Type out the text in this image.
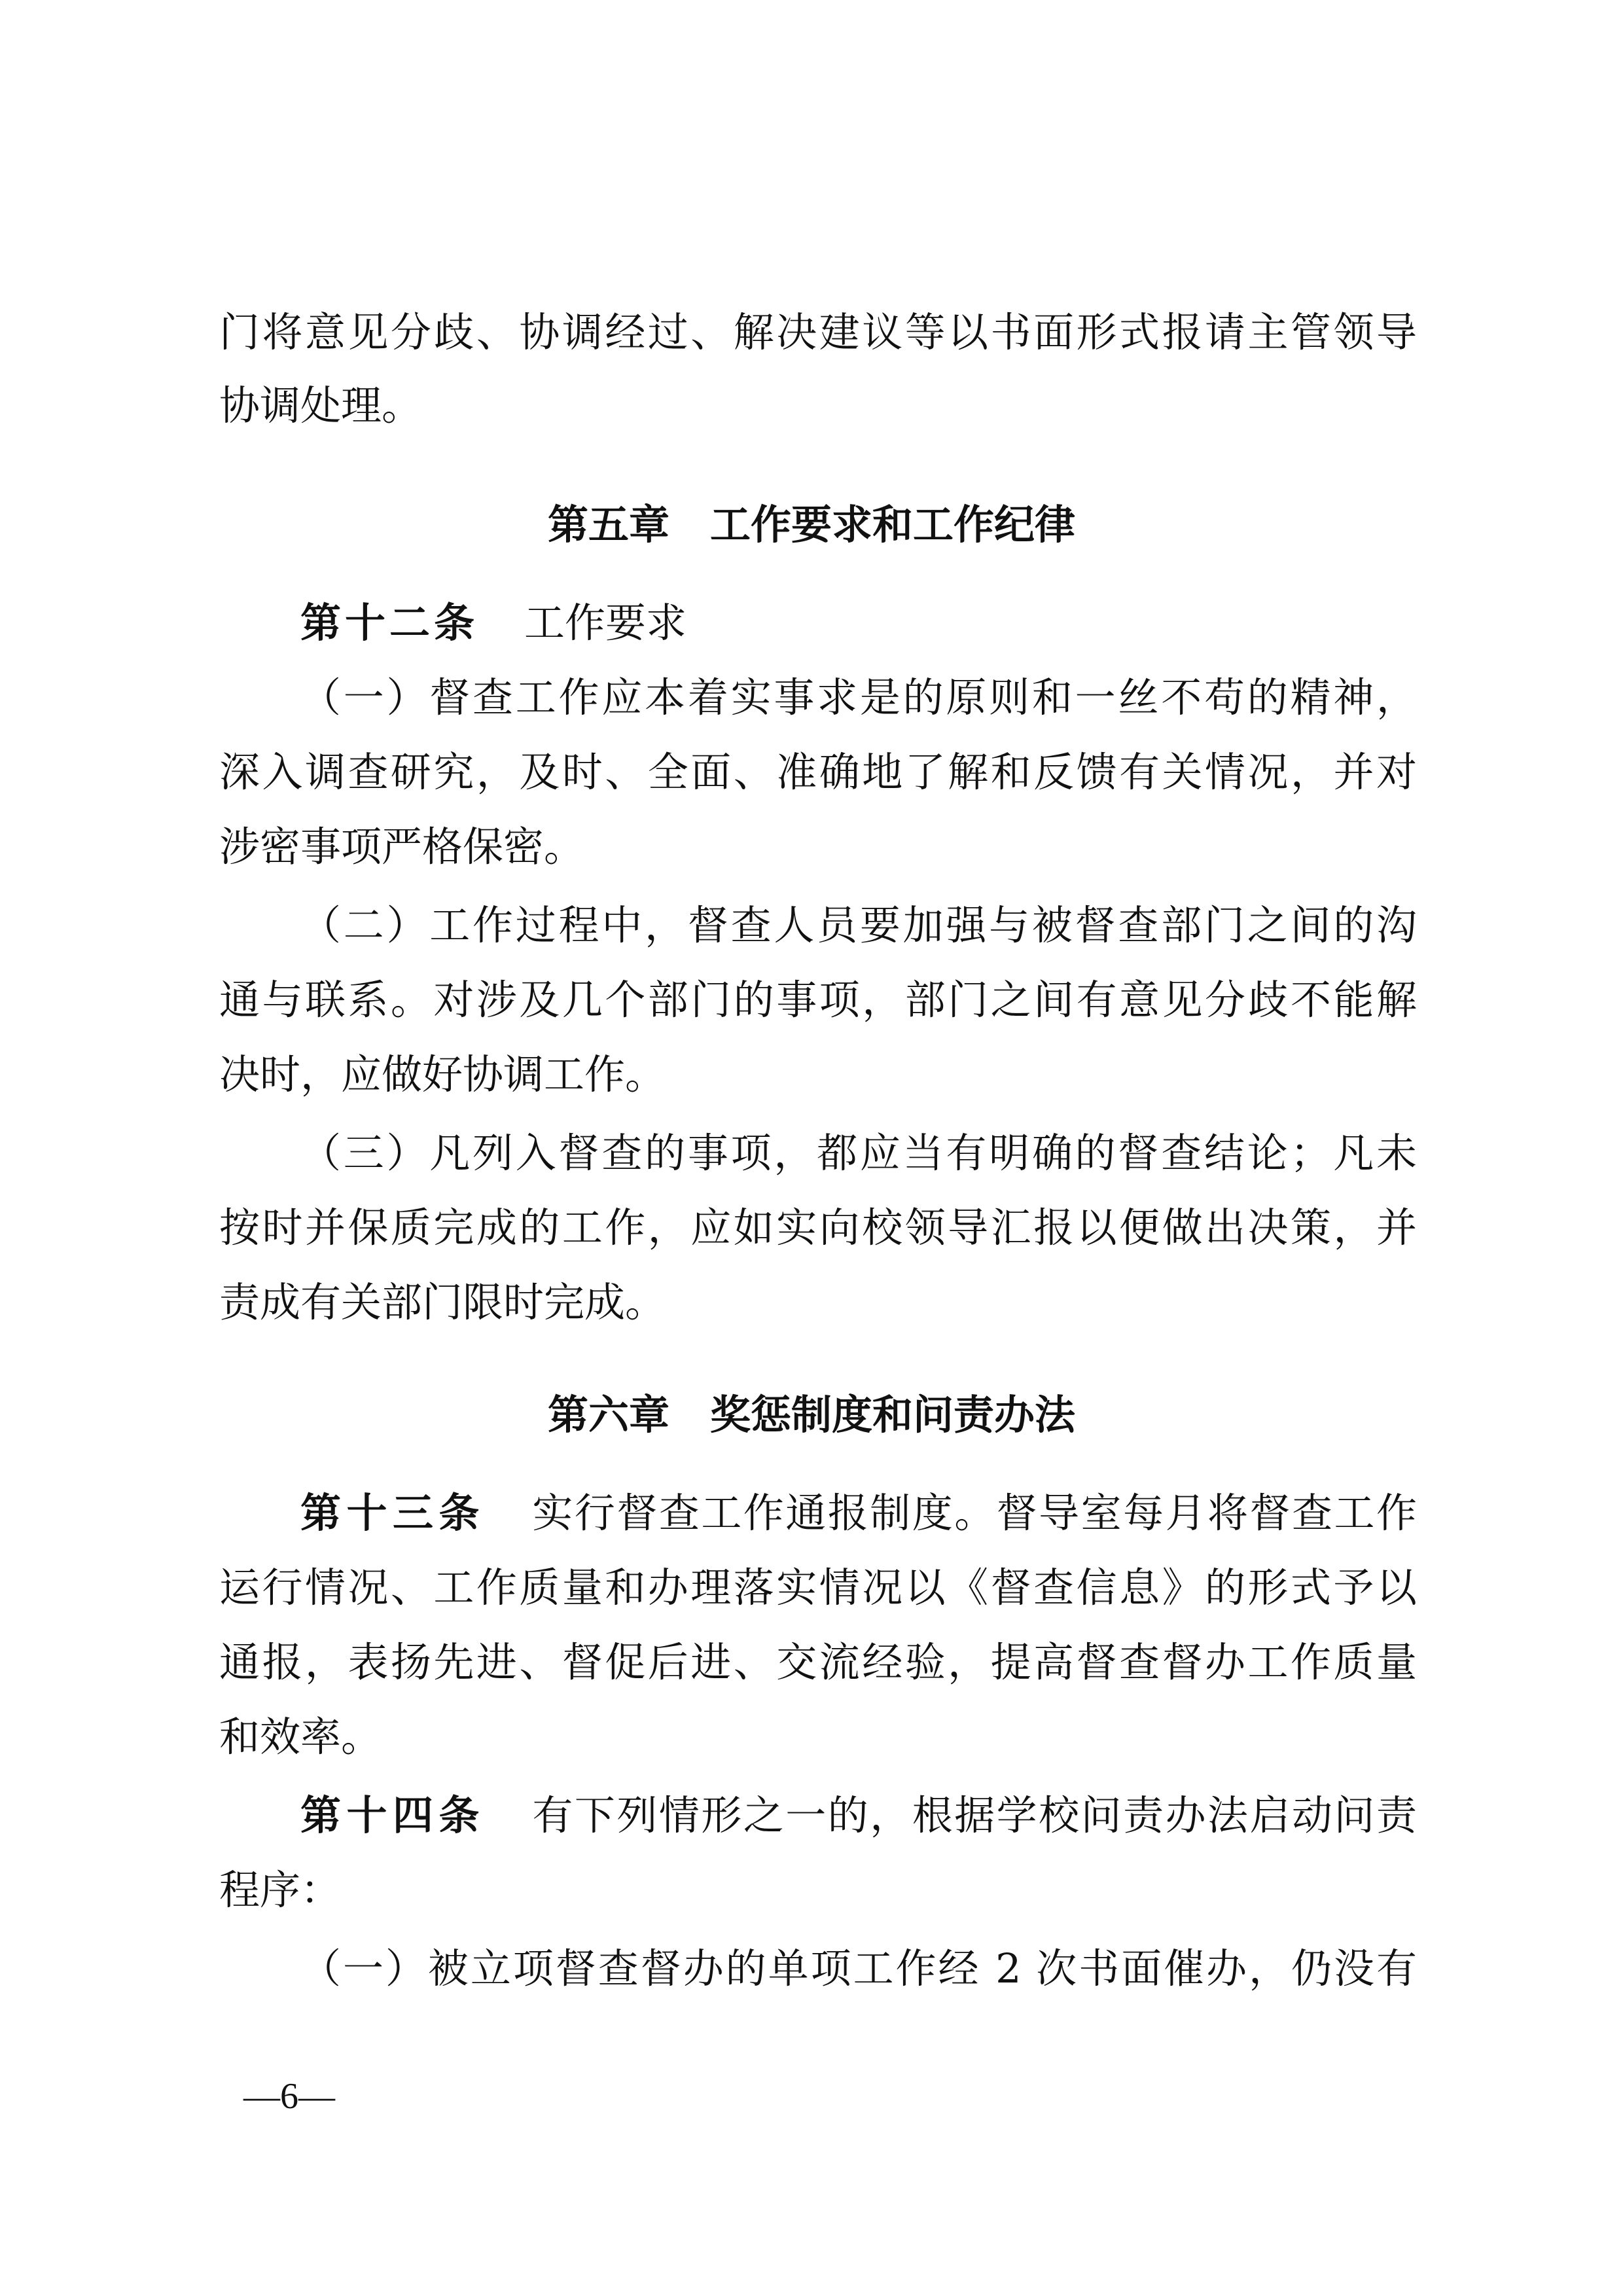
门将意见分歧、协调经过、解决建议等以书面形式报请主管领导
协调处理。
第五章　工作要求和工作纪律
第十二条 工作要求
（一）督查工作应本着实事求是的原则和一丝不苟的精神，
深入调查研究，及时、全面、准确地了解和反馈有关情况，并对
涉密事项严格保密。
（二）工作过程中，督查人员要加强与被督查部门之间的沟
通与联系。对涉及几个部门的事项，部门之间有意见分歧不能解
决时，应做好协调工作。
（三）凡列入督查的事项，都应当有明确的督查结论；凡未
按时并保质完成的工作，应如实向校领导汇报以便做出决策，并
责成有关部门限时完成。
第六章　奖惩制度和问责办法
第十三条 实行督查工作通报制度。督导室每月将督查工作
运行情况、工作质量和办理落实情况以《督查信息》的形式予以
通报，表扬先进、督促后进、交流经验，提高督查督办工作质量
和效率。
第十四条 有下列情形之一的，根据学校问责办法启动问责
程序：
（一）被立项督查督办的单项工作经 2 次书面催办，仍没有
—6—
